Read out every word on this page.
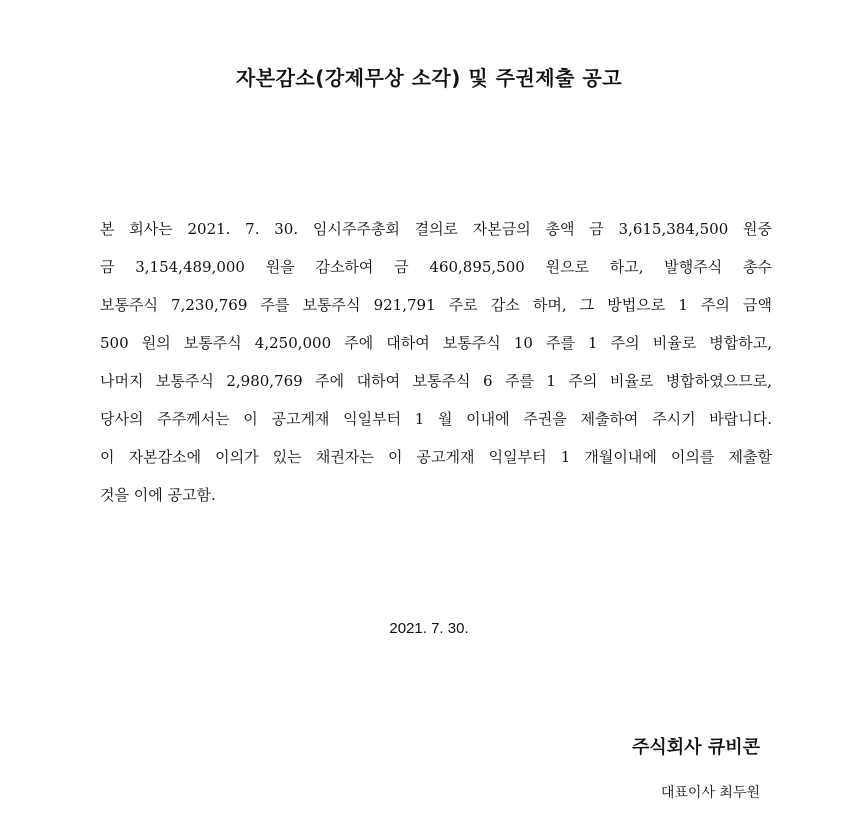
자본감소(강제무상 소각) 및 주권제출 공고
본 회사는 2021. 7. 30. 임시주주총회 결의로 자본금의 총액 금 3,615,384,500 원중
금 3,154,489,000 원을 감소하여 금 460,895,500 원으로 하고, 발행주식 총수
보통주식 7,230,769 주를 보통주식 921,791 주로 감소 하며, 그 방법으로 1 주의 금액
500 원의 보통주식 4,250,000 주에 대하여 보통주식 10 주를 1 주의 비율로 병합하고,
나머지 보통주식 2,980,769 주에 대하여 보통주식 6 주를 1 주의 비율로 병합하였으므로,
당사의 주주께서는 이 공고게재 익일부터 1 월 이내에 주권을 제출하여 주시기 바랍니다.
이 자본감소에 이의가 있는 채권자는 이 공고게재 익일부터 1 개월이내에 이의를 제출할
것을 이에 공고함.
2021. 7. 30.
주식회사 큐비콘
대표이사 최두원
